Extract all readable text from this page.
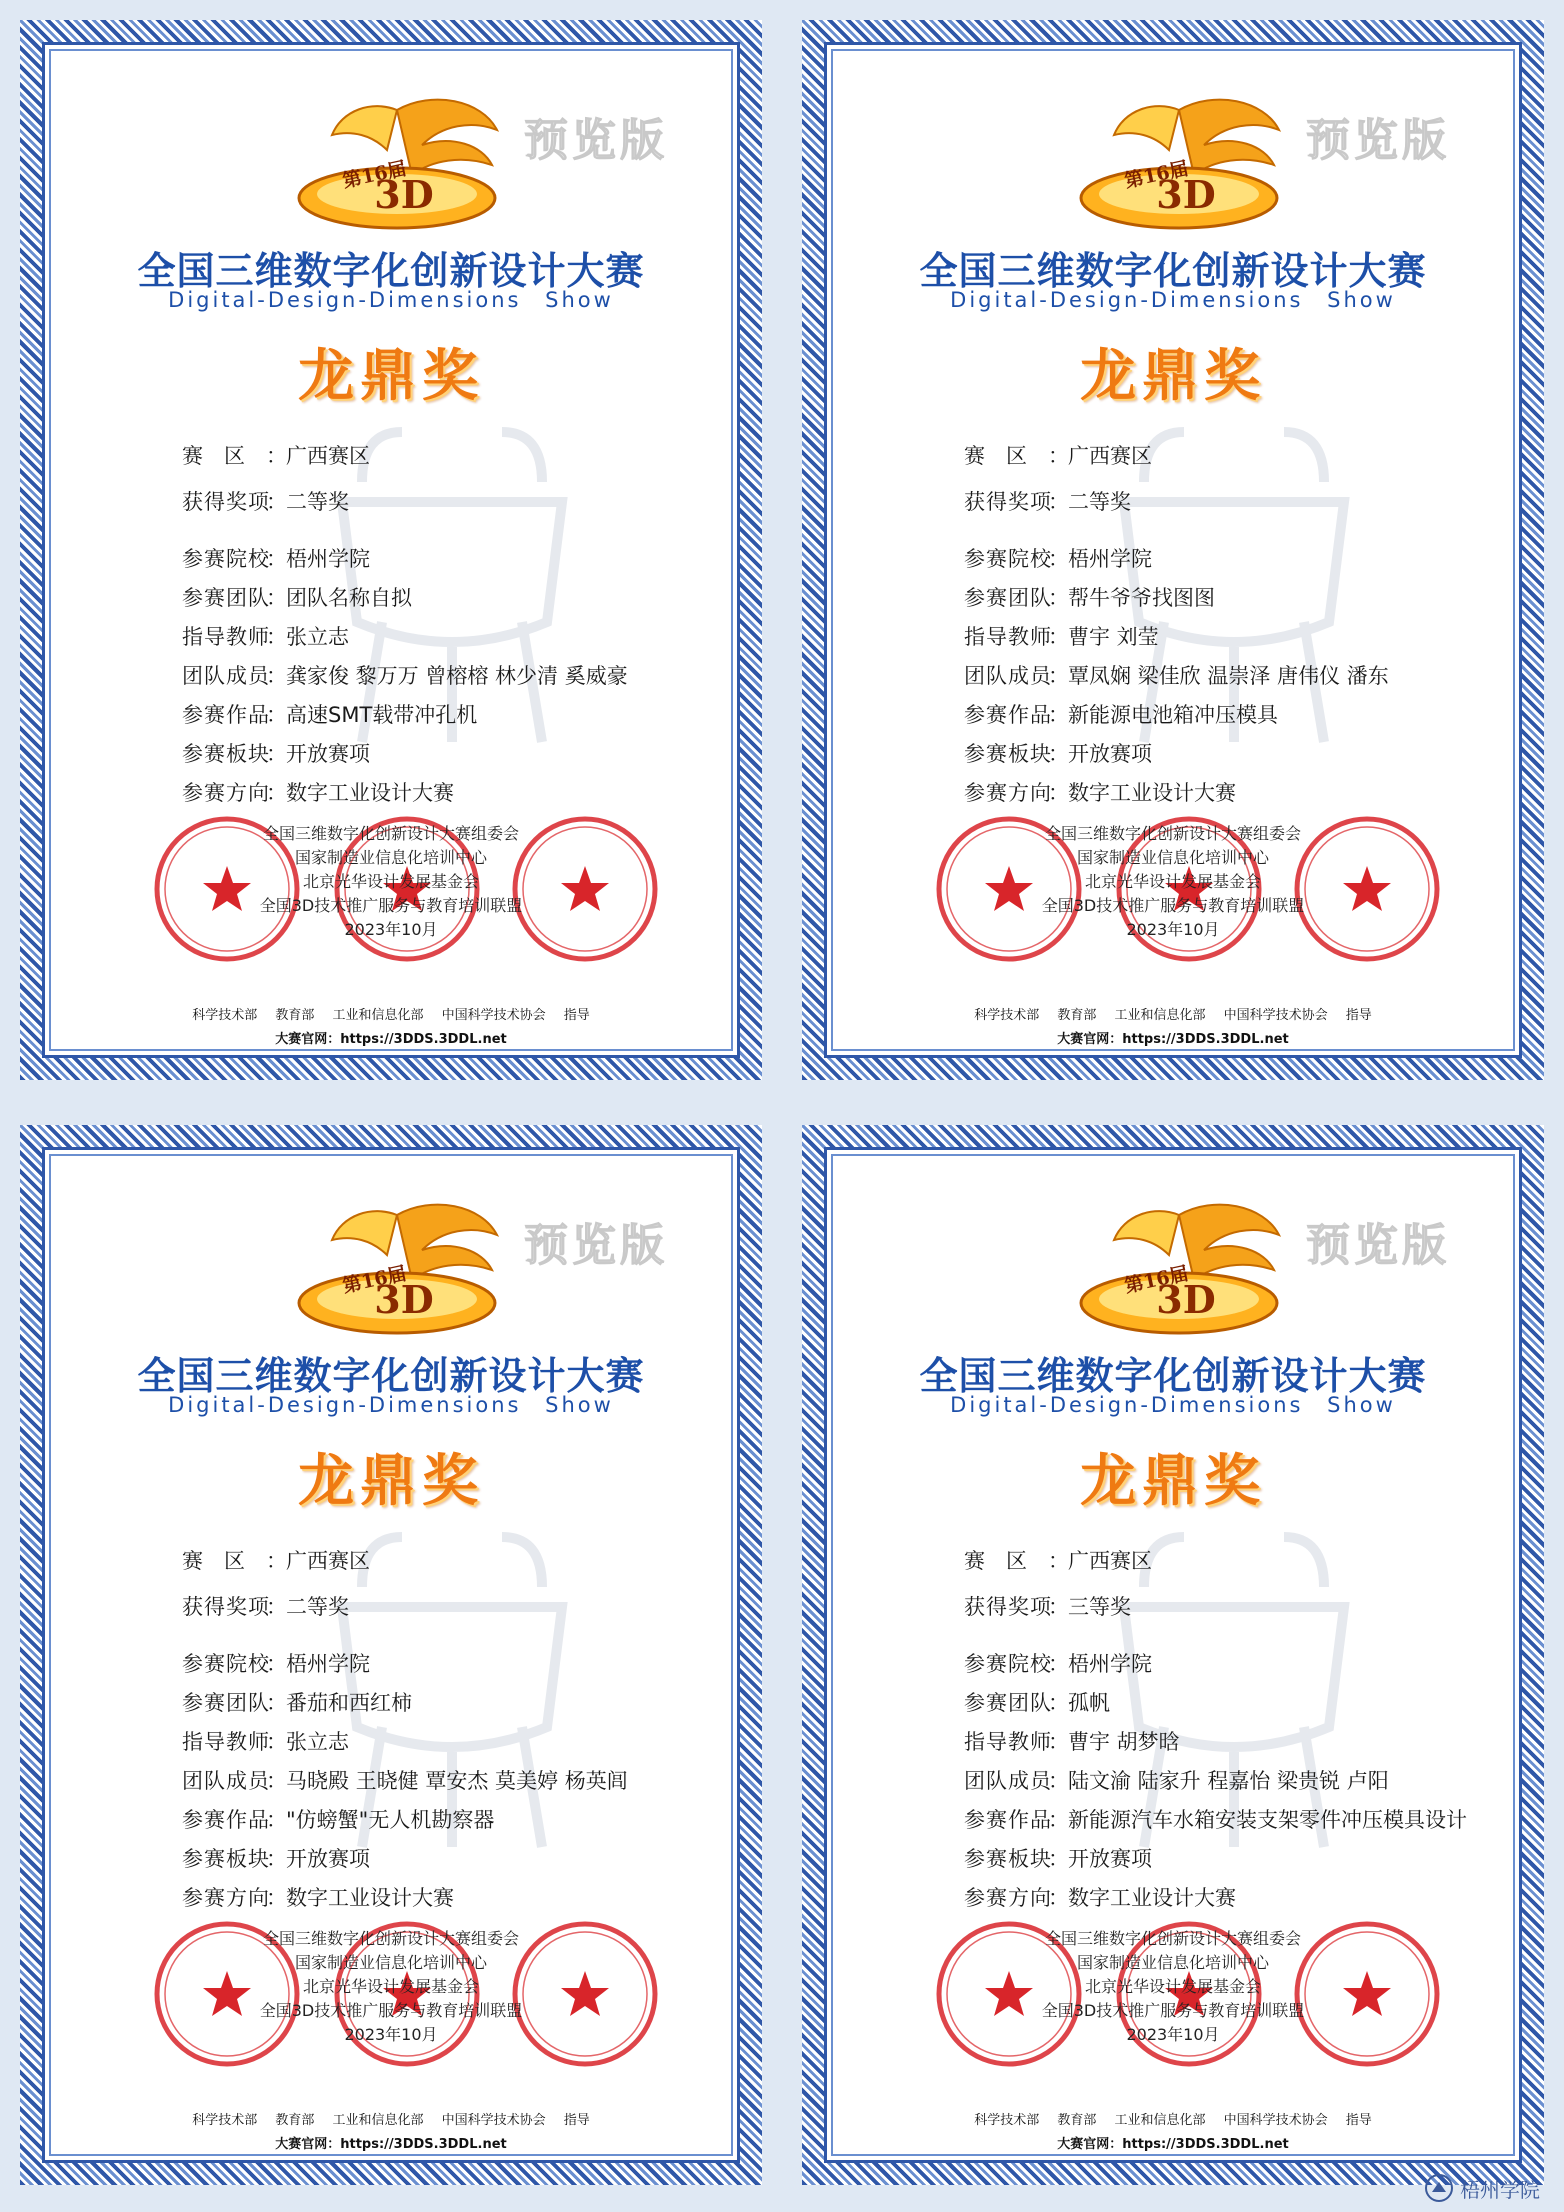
预览版
3D
第16届
全国三维数字化创新设计大赛
Digital-Design-Dimensions Show
龙鼎奖
赛　区 ：广西赛区
获得奖项：二等奖
参赛院校：梧州学院
参赛团队：团队名称自拟
指导教师：张立志
团队成员：龚家俊 黎万万 曾榕榕 林少清 奚威豪
参赛作品：高速SMT载带冲孔机
参赛板块：开放赛项
参赛方向：数字工业设计大赛
全国三维数字化创新设计大赛组委会
国家制造业信息化培训中心
北京光华设计发展基金会
全国3D技术推广服务与教育培训联盟
2023年10月
科学技术部 教育部 工业和信息化部 中国科学技术协会 指导
大赛官网：https://3DDS.3DDL.net
预览版
3D
第16届
全国三维数字化创新设计大赛
Digital-Design-Dimensions Show
龙鼎奖
赛　区 ：广西赛区
获得奖项：二等奖
参赛院校：梧州学院
参赛团队：帮牛爷爷找图图
指导教师：曹宇 刘莹
团队成员：覃凤娴 梁佳欣 温崇泽 唐伟仪 潘东
参赛作品：新能源电池箱冲压模具
参赛板块：开放赛项
参赛方向：数字工业设计大赛
全国三维数字化创新设计大赛组委会
国家制造业信息化培训中心
北京光华设计发展基金会
全国3D技术推广服务与教育培训联盟
2023年10月
科学技术部 教育部 工业和信息化部 中国科学技术协会 指导
大赛官网：https://3DDS.3DDL.net
预览版
3D
第16届
全国三维数字化创新设计大赛
Digital-Design-Dimensions Show
龙鼎奖
赛　区 ：广西赛区
获得奖项：二等奖
参赛院校：梧州学院
参赛团队：番茄和西红柿
指导教师：张立志
团队成员：马晓殿 王晓健 覃安杰 莫美婷 杨英闾
参赛作品："仿螃蟹"无人机勘察器
参赛板块：开放赛项
参赛方向：数字工业设计大赛
全国三维数字化创新设计大赛组委会
国家制造业信息化培训中心
北京光华设计发展基金会
全国3D技术推广服务与教育培训联盟
2023年10月
科学技术部 教育部 工业和信息化部 中国科学技术协会 指导
大赛官网：https://3DDS.3DDL.net
预览版
3D
第16届
全国三维数字化创新设计大赛
Digital-Design-Dimensions Show
龙鼎奖
赛　区 ：广西赛区
获得奖项：三等奖
参赛院校：梧州学院
参赛团队：孤帆
指导教师：曹宇 胡梦晗
团队成员：陆文渝 陆家升 程嘉怡 梁贵锐 卢阳
参赛作品：新能源汽车水箱安装支架零件冲压模具设计
参赛板块：开放赛项
参赛方向：数字工业设计大赛
全国三维数字化创新设计大赛组委会
国家制造业信息化培训中心
北京光华设计发展基金会
全国3D技术推广服务与教育培训联盟
2023年10月
科学技术部 教育部 工业和信息化部 中国科学技术协会 指导
大赛官网：https://3DDS.3DDL.net
梧州学院
